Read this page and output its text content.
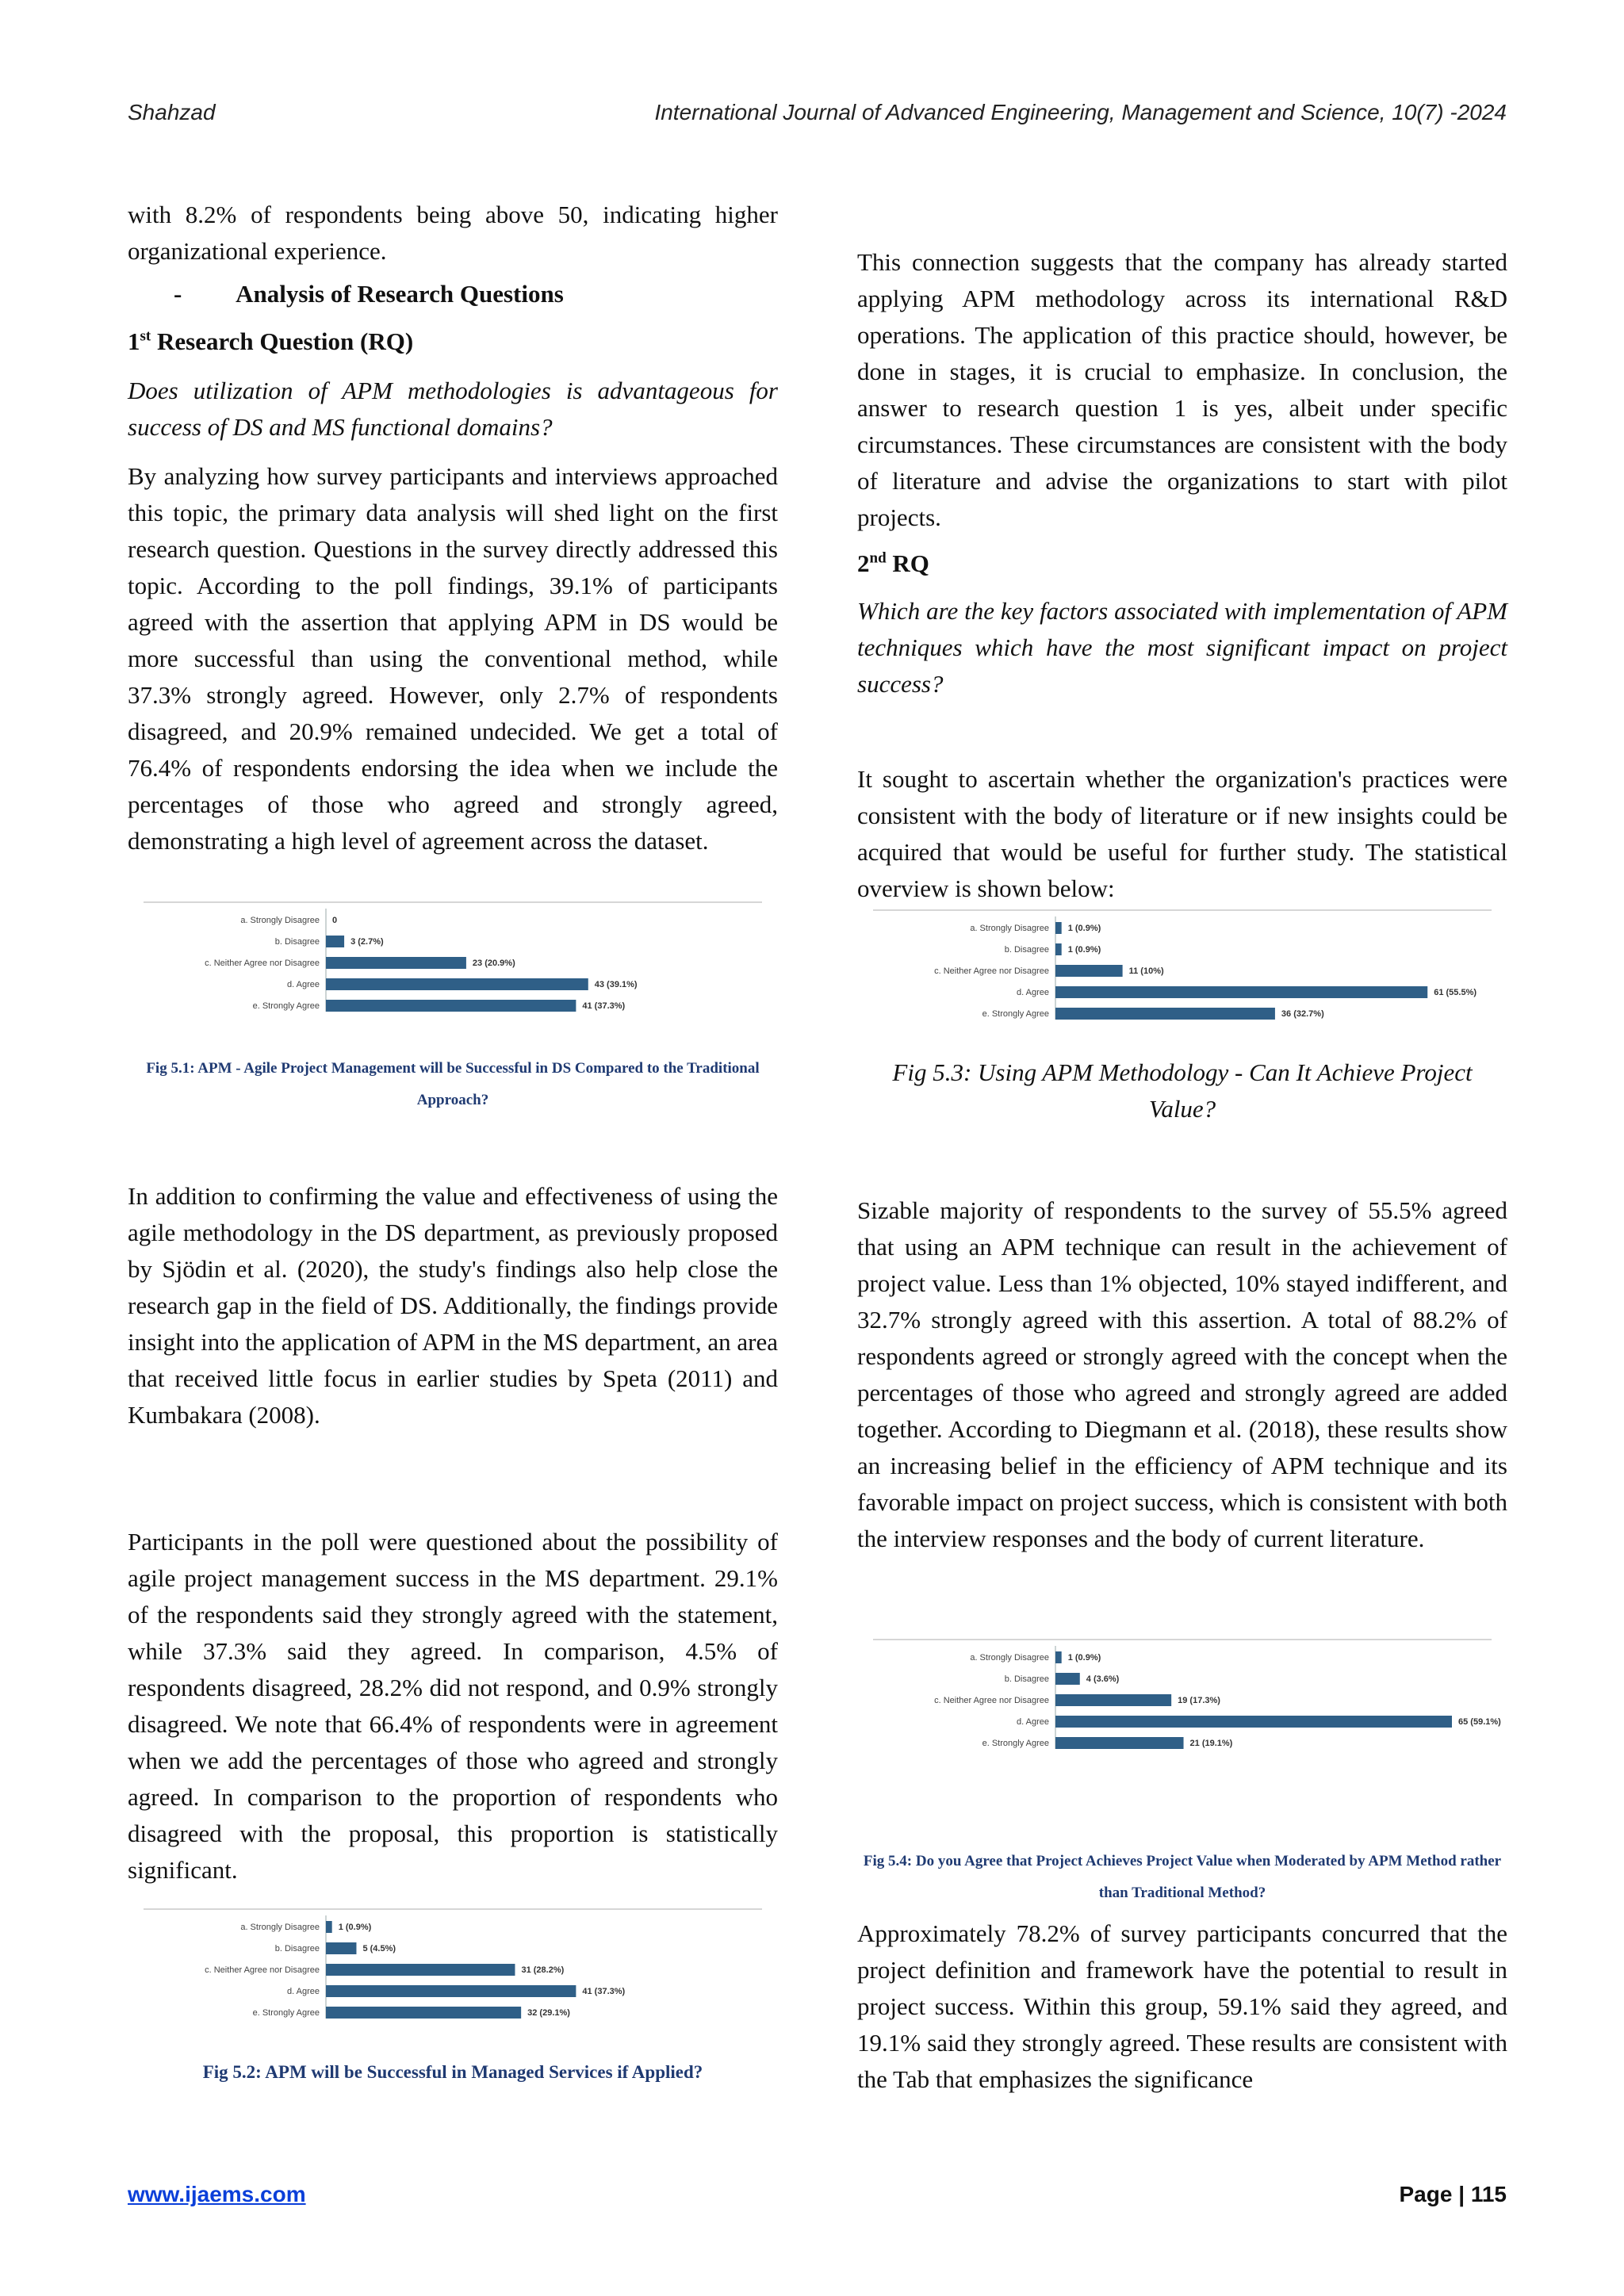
Shahzad	International Journal of Advanced Engineering, Management and Science, 10(7) -2024

with 8.2% of respondents being above 50, indicating higher organizational experience.

- Analysis of Research Questions
1st Research Question (RQ)

Does utilization of APM methodologies is advantageous for success of DS and MS functional domains?

By analyzing how survey participants and interviews approached this topic, the primary data analysis will shed light on the first research question. Questions in the survey directly addressed this topic. According to the poll findings, 39.1% of participants agreed with the assertion that applying APM in DS would be more successful than using the conventional method, while 37.3% strongly agreed. However, only 2.7% of respondents disagreed, and 20.9% remained undecided. We get a total of 76.4% of respondents endorsing the idea when we include the percentages of those who agreed and strongly agreed, demonstrating a high level of agreement across the dataset.

a. Strongly Disagree 0
b. Disagree	3 (2.7%)
c. Neither Agree nor Disagree	23 (20.9%)
d. Agree	43 (39.1%)
e. Strongly Agree	41 (37.3%)
Fig 5.1: APM - Agile Project Management will be Successful in DS Compared to the Traditional Approach?

In addition to confirming the value and effectiveness of using the agile methodology in the DS department, as previously proposed by Sjödin et al. (2020), the study's findings also help close the research gap in the field of DS. Additionally, the findings provide insight into the application of APM in the MS department, an area that received little focus in earlier studies by Speta (2011) and Kumbakara (2008).

Participants in the poll were questioned about the possibility of agile project management success in the MS department. 29.1% of the respondents said they strongly agreed with the statement, while 37.3% said they agreed. In comparison, 4.5% of respondents disagreed, 28.2% did not respond, and 0.9% strongly disagreed. We note that 66.4% of respondents were in agreement when we add the percentages of those who agreed and strongly agreed. In comparison to the proportion of respondents who disagreed with the proposal, this proportion is statistically significant.

a. Strongly Disagree 1 (0.9%)
b. Disagree	5 (4.5%)
c. Neither Agree nor Disagree	31 (28.2%)
d. Agree	41 (37.3%)
e. Strongly Agree	32 (29.1%)
Fig 5.2: APM will be Successful in Managed Services if Applied?

This connection suggests that the company has already started applying APM methodology across its international R&D operations. The application of this practice should, however, be done in stages, it is crucial to emphasize. In conclusion, the answer to research question 1 is yes, albeit under specific circumstances. These circumstances are consistent with the body of literature and advise the organizations to start with pilot projects.

2nd RQ

Which are the key factors associated with implementation of APM techniques which have the most significant impact on project success?

It sought to ascertain whether the organization's practices were consistent with the body of literature or if new insights could be acquired that would be useful for further study. The statistical overview is shown below:

a. Strongly Disagree 1 (0.9%)
b. Disagree 1 (0.9%)
c. Neither Agree nor Disagree	11 (10%)
d. Agree	61 (55.5%)
e. Strongly Agree	36 (32.7%)
Fig 5.3: Using APM Methodology - Can It Achieve Project Value?

Sizable majority of respondents to the survey of 55.5% agreed that using an APM technique can result in the achievement of project value. Less than 1% objected, 10% stayed indifferent, and 32.7% strongly agreed with this assertion. A total of 88.2% of respondents agreed or strongly agreed with the concept when the percentages of those who agreed and strongly agreed are added together. According to Diegmann et al. (2018), these results show an increasing belief in the efficiency of APM technique and its favorable impact on project success, which is consistent with both the interview responses and the body of current literature.

a. Strongly Disagree 1 (0.9%)
b. Disagree	4 (3.6%)
c. Neither Agree nor Disagree	19 (17.3%)
d. Agree	65 (59.1%)
e. Strongly Agree	21 (19.1%)
Fig 5.4: Do you Agree that Project Achieves Project Value when Moderated by APM Method rather than Traditional Method?

Approximately 78.2% of survey participants concurred that the project definition and framework have the potential to result in project success. Within this group, 59.1% said they agreed, and 19.1% said they strongly agreed. These results are consistent with the Tab that emphasizes the significance

www.ijaems.com	Page | 115
